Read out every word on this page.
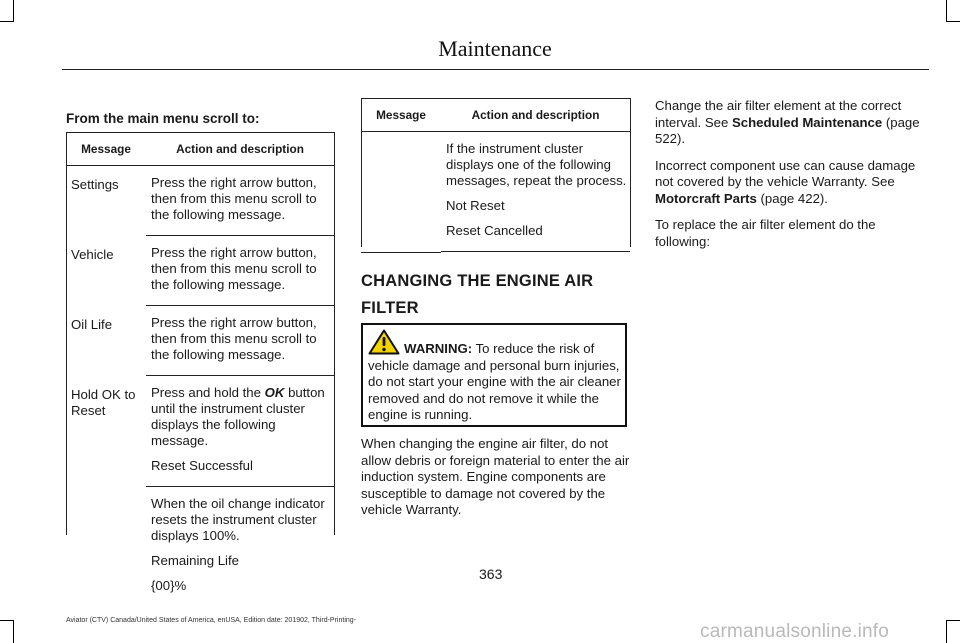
Maintenance
From the main menu scroll to:
Message	Action and description
Settings	Press the right arrow button, then from this menu scroll to the following message.

Vehicle	Press the right arrow button, then from this menu scroll to the following message.

Oil Life	Press the right arrow button, then from this menu scroll to the following message.

Hold OK to Reset	Press and hold the OK button until the instrument cluster displays the following message.

Reset Successful

	When the oil change indicator resets the instrument cluster displays 100%.

Remaining Life

{00}%

Message	Action and description

	If the instrument cluster displays one of the following messages, repeat the process.

Not Reset

Reset Cancelled

CHANGING THE ENGINE AIR
FILTER
WARNING: To reduce the risk of vehicle damage and personal burn injuries, do not start your engine with the air cleaner removed and do not remove it while the engine is running.

When changing the engine air filter, do not allow debris or foreign material to enter the air induction system. Engine components are susceptible to damage not covered by the vehicle Warranty.

Change the air filter element at the correct interval. See Scheduled Maintenance (page 522).

Incorrect component use can cause damage not covered by the vehicle Warranty. See Motorcraft Parts (page 422).

To replace the air filter element do the following:

363
Aviator (CTV) Canada/United States of America, enUSA, Edition date: 201902, Third-Printing-
carmanualsonline.info
